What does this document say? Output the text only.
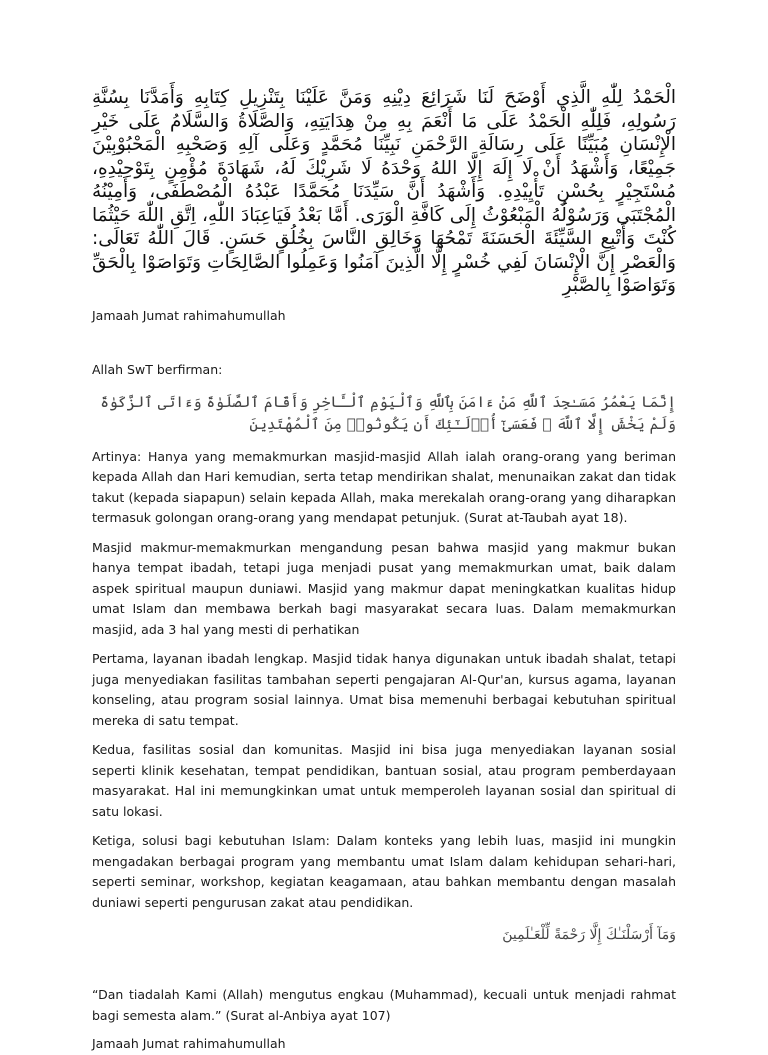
الْحَمْدُ لِلّٰهِ الَّذِي أَوْضَحَ لَنَا شَرَائِعَ دِيْنِهِ وَمَنَّ عَلَيْنَا بِتَنْزِيلِ كِتَابِهِ وَأَمَدَّنَا بِسُنَّةِ رَسُولِهِ، فَلِلّٰهِ الْحَمْدُ عَلَى مَا أَنْعَمَ بِهِ مِنْ هِدَايَتِهِ، وَالصَّلَاةُ وَالسَّلَامُ عَلَى خَيْرِ الْإِنْسَانِ مُبَيِّنًا عَلَى رِسَالَةِ الرَّحْمَنِ نَبِيِّنَا مُحَمَّدٍ وَعَلَى آلِهِ وَصَحْبِهِ الْمَحْبُوْبِيْنَ جَمِيْعًا، وَأَشْهَدُ أَنْ لَا إِلَهَ إِلَّا اللهُ وَحْدَهُ لَا شَرِيْكَ لَهُ، شَهَادَةَ مُؤْمِنٍ بِتَوْحِيْدِهِ، مُسْتَجِيْرٍ بِحُسْنِ تَأْيِيْدِهِ. وَأَشْهَدُ أَنَّ سَيِّدَنَا مُحَمَّدًا عَبْدُهُ الْمُصْطَفَى، وَأَمِيْنُهُ الْمُجْتَبَى وَرَسُوْلُهُ الْمَبْعُوْثُ إِلَى كَافَّةِ الْوَرَى. أَمَّا بَعْدُ فَيَاعِبَادَ اللّٰهِ، اِتَّقِ اللّٰهَ حَيْثُمَا كُنْتَ وَأَتْبِعِ السَّيِّئَةَ الْحَسَنَةَ تَمْحُهَا وَخَالِقِ النَّاسَ بِخُلُقٍ حَسَنٍ. قَالَ اللّٰهُ تَعَالَى: وَالْعَصْرِ إِنَّ الْإِنْسَانَ لَفِي خُسْرٍ إِلَّا الَّذِينَ آمَنُوا وَعَمِلُوا الصَّالِحَاتِ وَتَوَاصَوْا بِالْحَقِّ وَتَوَاصَوْا بِالصَّبْرِ

Jamaah Jumat rahimahumullah

Allah SwT berfirman:

إِنَّمَا يَعْمُرُ مَسَـٰجِدَ ٱللَّهِ مَنْ ءَامَنَ بِٱللَّهِ وَٱلْيَوْمِ ٱلْـَٔاخِرِ وَأَقَامَ ٱلصَّلَوٰةَ وَءَاتَى ٱلزَّكَوٰةَ وَلَمْ يَخْشَ إِلَّا ٱللَّهَ ۖ فَعَسَىٰٓ أُو۟لَـٰٓئِكَ أَن يَكُونُوا۟ مِنَ ٱلْمُهْتَدِينَ

Artinya: Hanya yang memakmurkan masjid-masjid Allah ialah orang-orang yang beriman kepada Allah dan Hari kemudian, serta tetap mendirikan shalat, menunaikan zakat dan tidak takut (kepada siapapun) selain kepada Allah, maka merekalah orang-orang yang diharapkan termasuk golongan orang-orang yang mendapat petunjuk. (Surat at-Taubah ayat 18).

Masjid makmur-memakmurkan mengandung pesan bahwa masjid yang makmur bukan hanya tempat ibadah, tetapi juga menjadi pusat yang memakmurkan umat, baik dalam aspek spiritual maupun duniawi. Masjid yang makmur dapat meningkatkan kualitas hidup umat Islam dan membawa berkah bagi masyarakat secara luas. Dalam memakmurkan masjid, ada 3 hal yang mesti di perhatikan

Pertama, layanan ibadah lengkap. Masjid tidak hanya digunakan untuk ibadah shalat, tetapi juga menyediakan fasilitas tambahan seperti pengajaran Al-Qur'an, kursus agama, layanan konseling, atau program sosial lainnya. Umat bisa memenuhi berbagai kebutuhan spiritual mereka di satu tempat.

Kedua, fasilitas sosial dan komunitas. Masjid ini bisa juga menyediakan layanan sosial seperti klinik kesehatan, tempat pendidikan, bantuan sosial, atau program pemberdayaan masyarakat. Hal ini memungkinkan umat untuk memperoleh layanan sosial dan spiritual di satu lokasi.

Ketiga, solusi bagi kebutuhan Islam: Dalam konteks yang lebih luas, masjid ini mungkin mengadakan berbagai program yang membantu umat Islam dalam kehidupan sehari-hari, seperti seminar, workshop, kegiatan keagamaan, atau bahkan membantu dengan masalah duniawi seperti pengurusan zakat atau pendidikan.

وَمَآ أَرْسَلْنَـٰكَ إِلَّا رَحْمَةً لِّلْعَـٰلَمِينَ

“Dan tiadalah Kami (Allah) mengutus engkau (Muhammad), kecuali untuk menjadi rahmat bagi semesta alam.” (Surat al-Anbiya ayat 107)

Jamaah Jumat rahimahumullah
